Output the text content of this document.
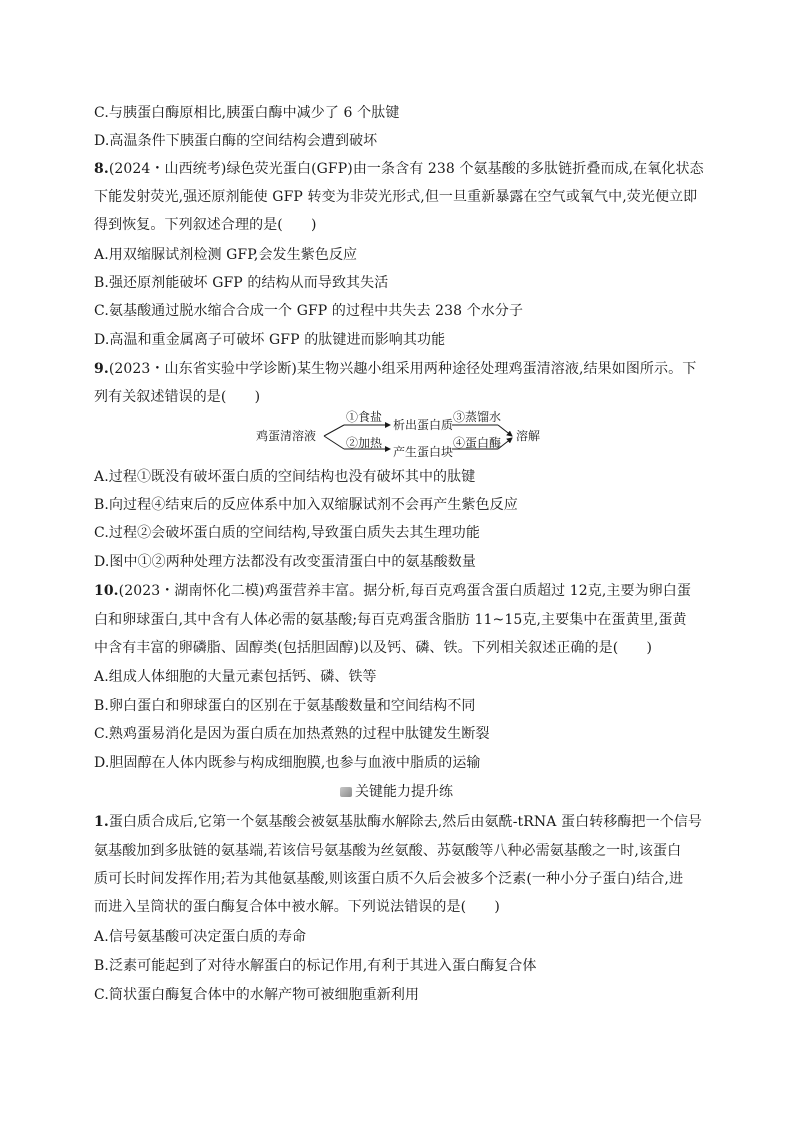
C.与胰蛋白酶原相比,胰蛋白酶中减少了 6 个肽键
D.高温条件下胰蛋白酶的空间结构会遭到破坏
8.(2024・山西统考)绿色荧光蛋白(GFP)由一条含有 238 个氨基酸的多肽链折叠而成,在氧化状态
下能发射荧光,强还原剂能使 GFP 转变为非荧光形式,但一旦重新暴露在空气或氧气中,荧光便立即
得到恢复。下列叙述合理的是(　　)
A.用双缩脲试剂检测 GFP,会发生紫色反应
B.强还原剂能破坏 GFP 的结构从而导致其失活
C.氨基酸通过脱水缩合合成一个 GFP 的过程中共失去 238 个水分子
D.高温和重金属离子可破坏 GFP 的肽键进而影响其功能
9.(2023・山东省实验中学诊断)某生物兴趣小组采用两种途径处理鸡蛋清溶液,结果如图所示。下
列有关叙述错误的是(　　)
鸡蛋清溶液
①食盐
析出蛋白质
③蒸馏水
②加热
产生蛋白块
④蛋白酶 溶解
A.过程①既没有破坏蛋白质的空间结构也没有破坏其中的肽键
B.向过程④结束后的反应体系中加入双缩脲试剂不会再产生紫色反应
C.过程②会破坏蛋白质的空间结构,导致蛋白质失去其生理功能
D.图中①②两种处理方法都没有改变蛋清蛋白中的氨基酸数量
10.(2023・湖南怀化二模)鸡蛋营养丰富。据分析,每百克鸡蛋含蛋白质超过 12克,主要为卵白蛋
白和卵球蛋白,其中含有人体必需的氨基酸;每百克鸡蛋含脂肪 11~15克,主要集中在蛋黄里,蛋黄
中含有丰富的卵磷脂、固醇类(包括胆固醇)以及钙、磷、铁。下列相关叙述正确的是(　　)
A.组成人体细胞的大量元素包括钙、磷、铁等
B.卵白蛋白和卵球蛋白的区别在于氨基酸数量和空间结构不同
C.熟鸡蛋易消化是因为蛋白质在加热煮熟的过程中肽键发生断裂
D.胆固醇在人体内既参与构成细胞膜,也参与血液中脂质的运输
关键能力提升练
1.蛋白质合成后,它第一个氨基酸会被氨基肽酶水解除去,然后由氨酰-tRNA 蛋白转移酶把一个信号
氨基酸加到多肽链的氨基端,若该信号氨基酸为丝氨酸、苏氨酸等八种必需氨基酸之一时,该蛋白
质可长时间发挥作用;若为其他氨基酸,则该蛋白质不久后会被多个泛素(一种小分子蛋白)结合,进
而进入呈筒状的蛋白酶复合体中被水解。下列说法错误的是(　　)
A.信号氨基酸可决定蛋白质的寿命
B.泛素可能起到了对待水解蛋白的标记作用,有利于其进入蛋白酶复合体
C.筒状蛋白酶复合体中的水解产物可被细胞重新利用
